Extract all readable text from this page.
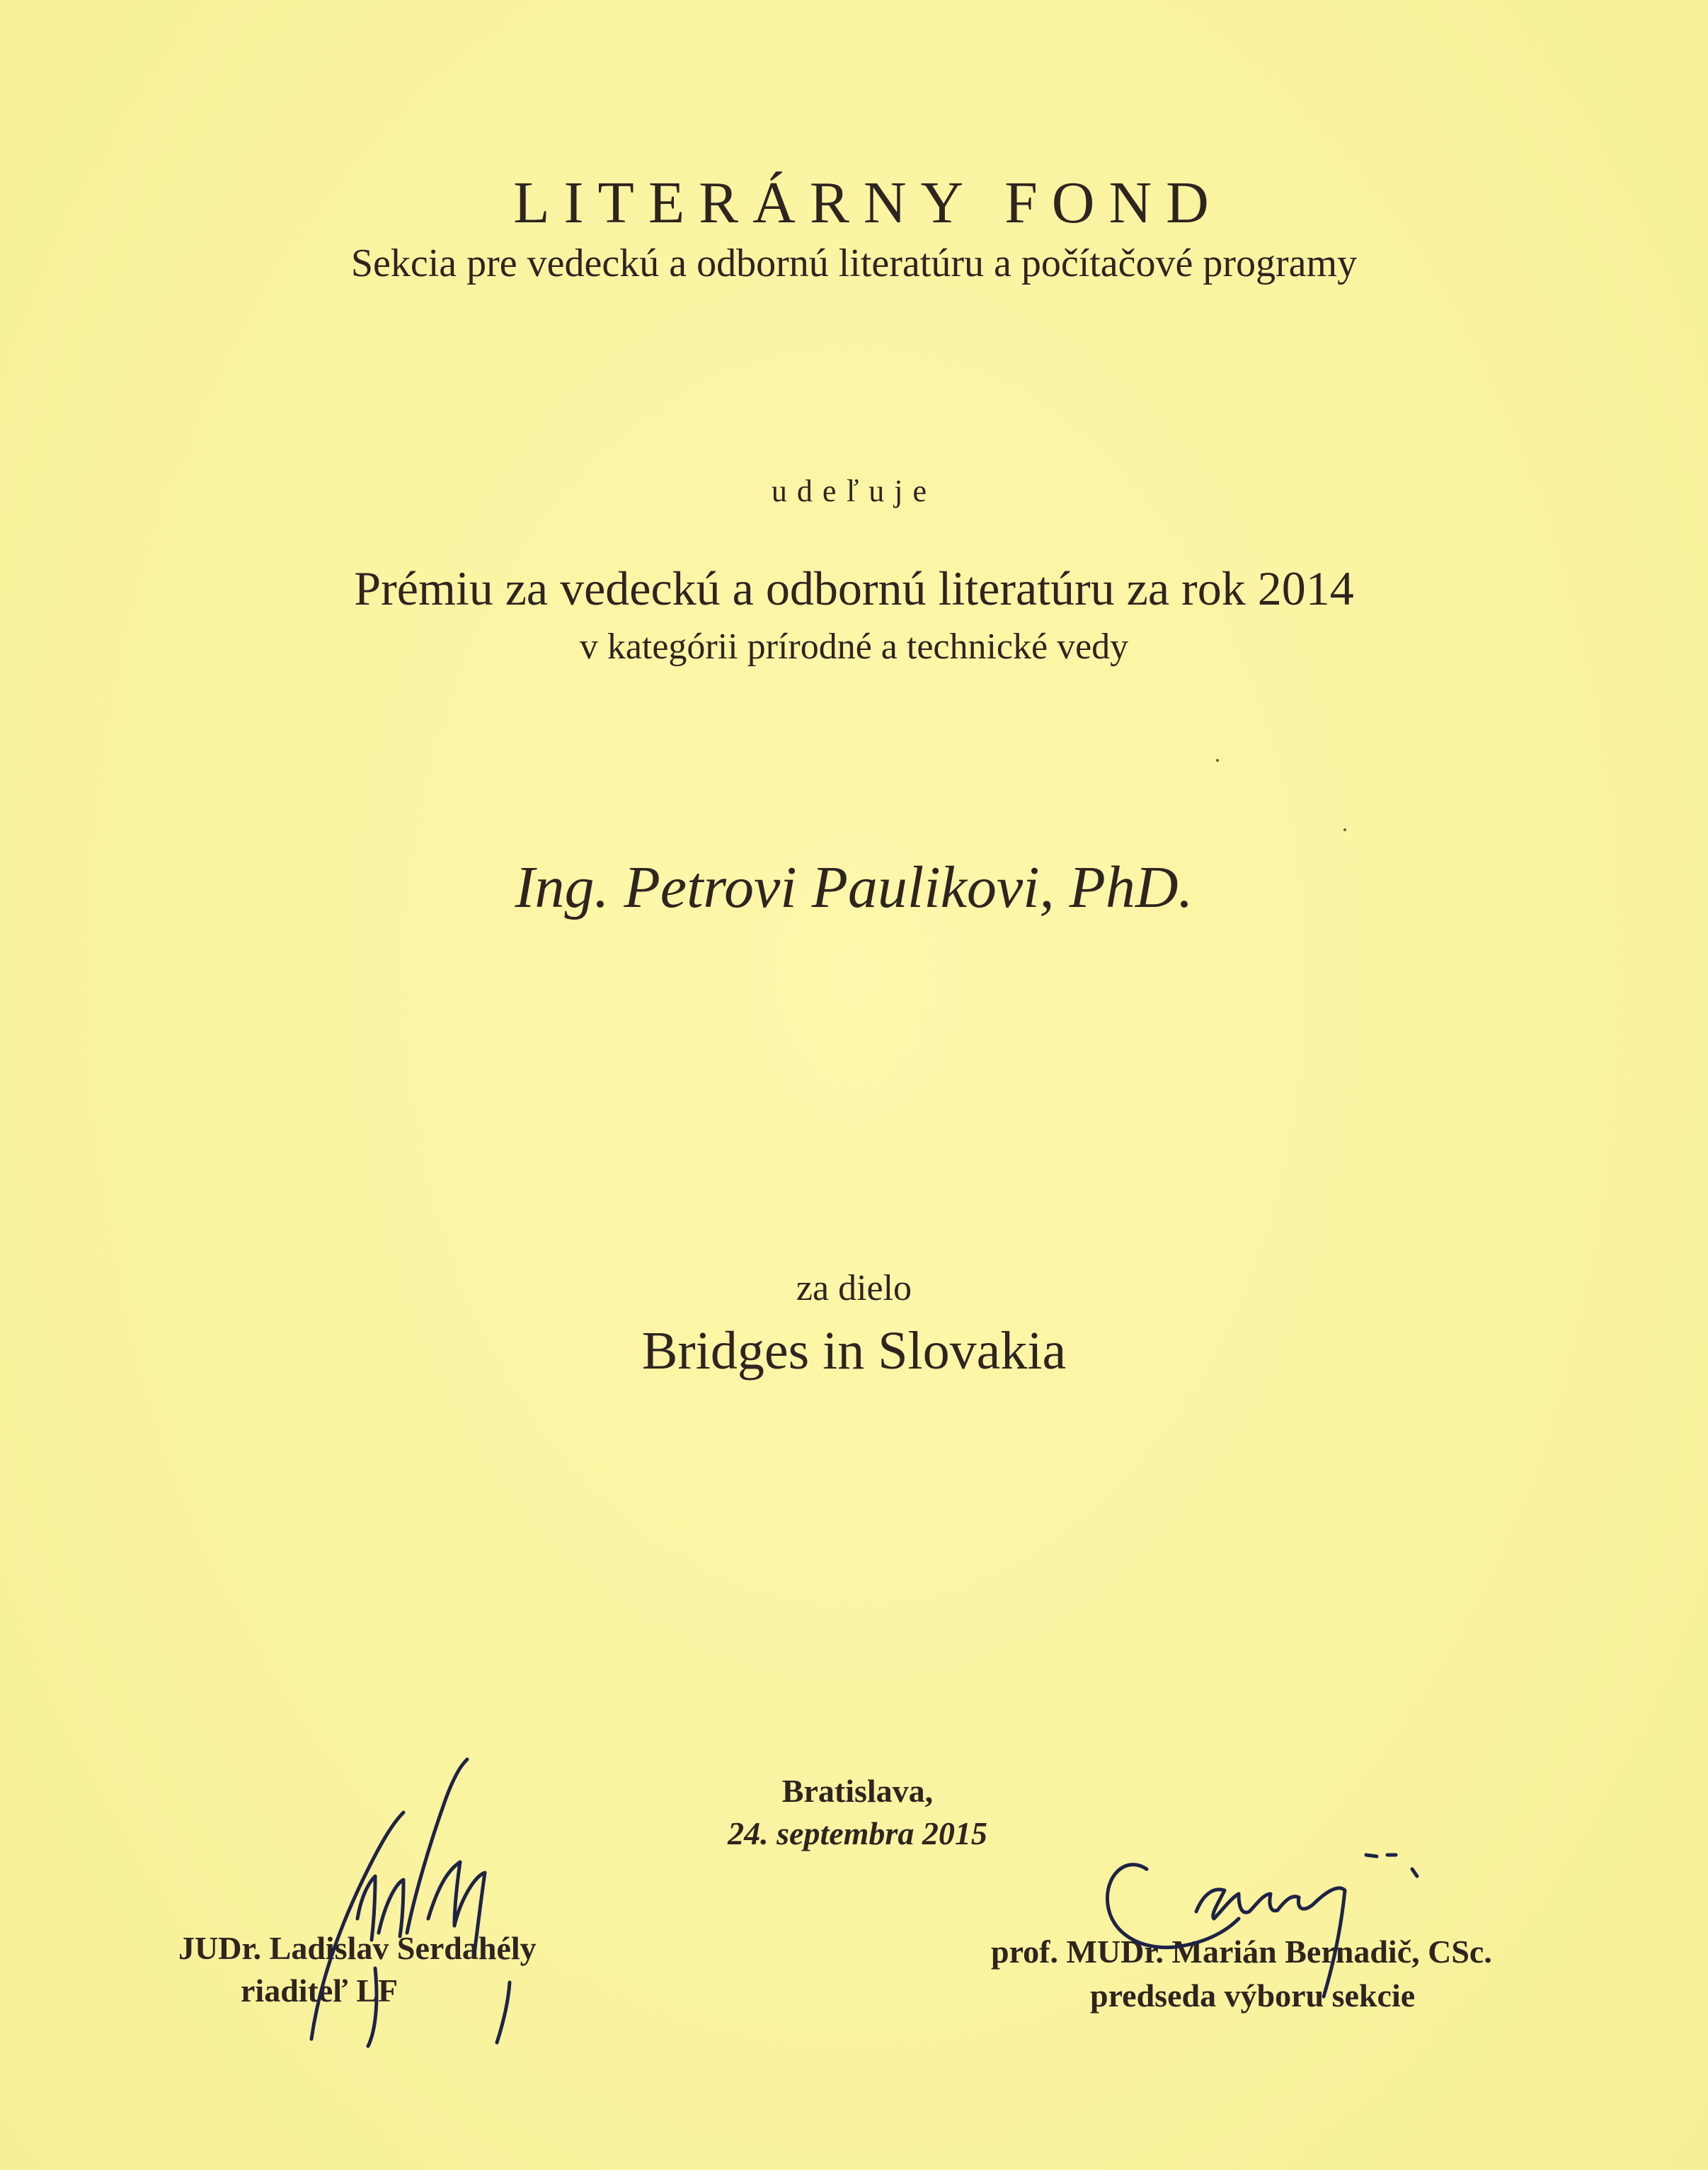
LITERÁRNY FOND
Sekcia pre vedeckú a odbornú literatúru a počítačové programy
udeľuje
Prémiu za vedeckú a odbornú literatúru za rok 2014
v kategórii prírodné a technické vedy
Ing. Petrovi Paulikovi, PhD.
za dielo
Bridges in Slovakia
Bratislava,
24. septembra 2015
JUDr. Ladislav Serdahély
riaditeľ LF
prof. MUDr. Marián Bernadič, CSc.
predseda výboru sekcie
